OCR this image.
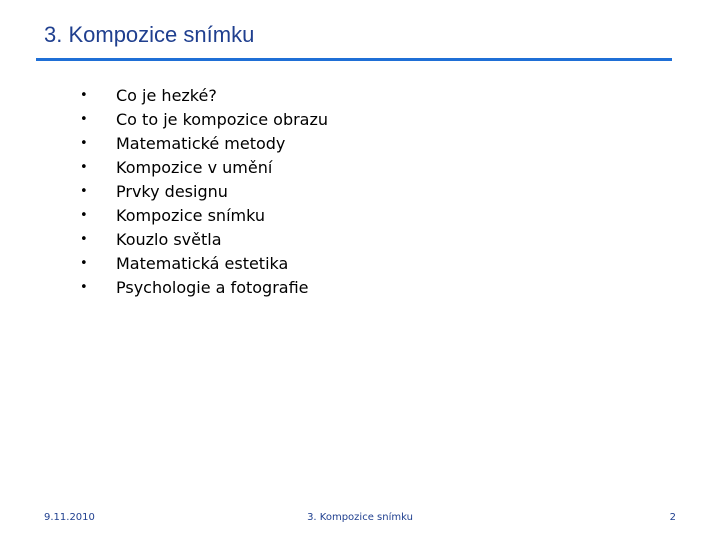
3. Kompozice snímku
•	Co je hezké?
•	Co to je kompozice obrazu
•	Matematické metody
•	Kompozice v umění
•	Prvky designu
•	Kompozice snímku
•	Kouzlo světla
•	Matematická estetika
•	Psychologie a fotografie
9.11.2010	3. Kompozice snímku	2
